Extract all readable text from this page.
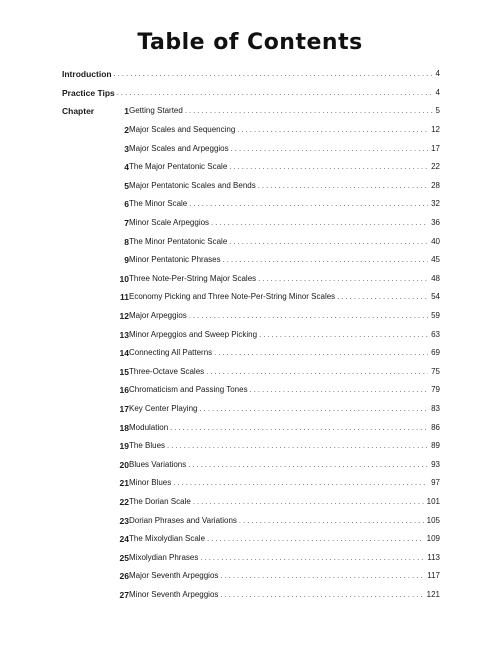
Table of Contents
Introduction . . .	4
Practice Tips . . .	4
Chapter	1 Getting Started . . .	5
2 Major Scales and Sequencing . . .	12
3 Major Scales and Arpeggios . . .	17
4 The Major Pentatonic Scale . . .	22
5 Major Pentatonic Scales and Bends . . .	28
6 The Minor Scale . . .	32
7 Minor Scale Arpeggios . . .	36
8 The Minor Pentatonic Scale . . .	40
9 Minor Pentatonic Phrases . . .	45
10 Three Note-Per-String Major Scales . . .	48
11 Economy Picking and Three Note-Per-String Minor Scales . . .	54
12 Major Arpeggios . . .	59
13 Minor Arpeggios and Sweep Picking . . .	63
14 Connecting All Patterns . . .	69
15 Three-Octave Scales . . .	75
16 Chromaticism and Passing Tones . . .	79
17 Key Center Playing . . .	83
18 Modulation . . .	86
19 The Blues . . .	89
20 Blues Variations . . .	93
21 Minor Blues . . .	97
22 The Dorian Scale . . .	101
23 Dorian Phrases and Variations . . .	105
24 The Mixolydian Scale . . .	109
25 Mixolydian Phrases . . .	113
26 Major Seventh Arpeggios . . .	117
27 Minor Seventh Arpeggios . . .	121
